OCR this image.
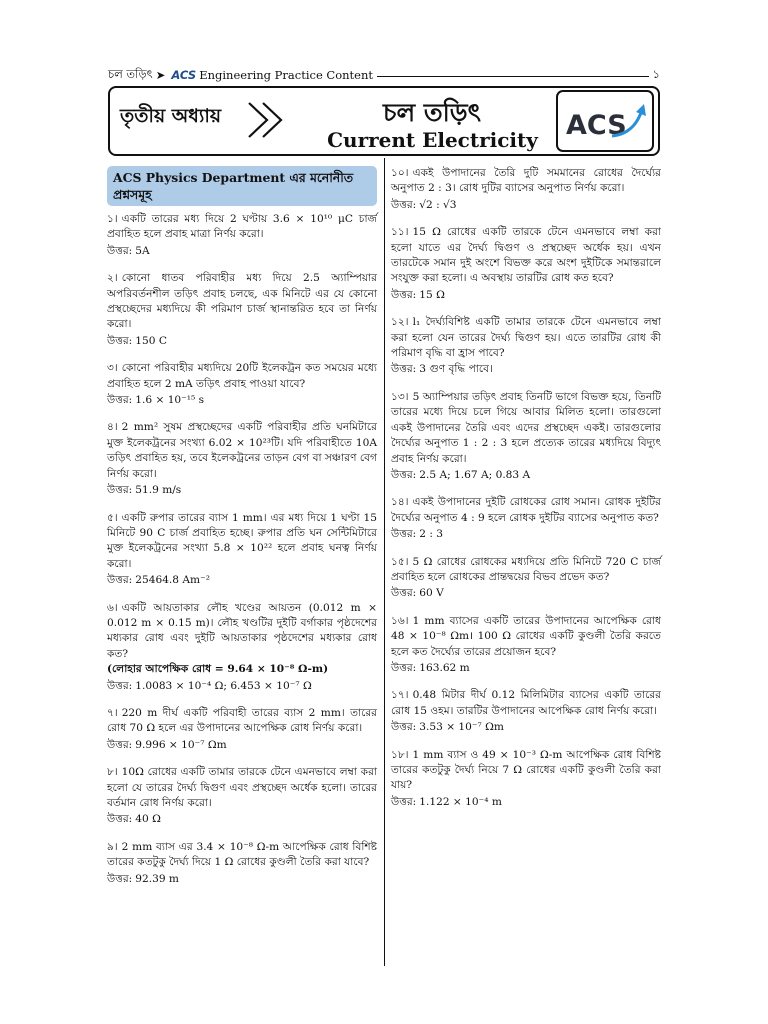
চল তড়িৎ ➤ ACS Engineering Practice Content	১
তৃতীয় অধ্যায়	চল তড়িৎ
Current Electricity	ACS
ACS Physics Department এর মনোনীত প্রশ্নসমূহ
১। একটি তারের মধ্য দিয়ে 2 ঘণ্টায় 3.6 × 10¹⁰ μC চার্জ প্রবাহিত হলে প্রবাহ মাত্রা নির্ণয় করো।
উত্তর: 5A
২। কোনো ধাতব পরিবাহীর মধ্য দিয়ে 2.5 অ্যাম্পিয়ার অপরিবর্তনশীল তড়িৎ প্রবাহ চলছে, এক মিনিটে এর যে কোনো প্রস্থচ্ছেদের মধ্যদিয়ে কী পরিমাণ চার্জ স্থানান্তরিত হবে তা নির্ণয় করো।
উত্তর: 150 C
৩। কোনো পরিবাহীর মধ্যদিয়ে 20টি ইলেকট্রন কত সময়ের মধ্যে প্রবাহিত হলে 2 mA তড়িৎ প্রবাহ পাওয়া যাবে?
উত্তর: 1.6 × 10⁻¹⁵ s
৪। 2 mm² সুষম প্রস্থচ্ছেদের একটি পরিবাহীর প্রতি ঘনমিটারে মুক্ত ইলেকট্রনের সংখ্যা 6.02 × 10²³টি। যদি পরিবাহীতে 10A তড়িৎ প্রবাহিত হয়, তবে ইলেকট্রনের তাড়ন বেগ বা সঞ্চারণ বেগ নির্ণয় করো।
উত্তর: 51.9 m/s
৫। একটি রুপার তারের ব্যাস 1 mm। এর মধ্য দিয়ে 1 ঘণ্টা 15 মিনিটে 90 C চার্জ প্রবাহিত হচ্ছে। রুপার প্রতি ঘন সেন্টিমিটারে মুক্ত ইলেকট্রনের সংখ্যা 5.8 × 10²² হলে প্রবাহ ঘনত্ব নির্ণয় করো।
উত্তর: 25464.8 Am⁻²
৬। একটি আয়তাকার লৌহ খণ্ডের আয়তন (0.012 m × 0.012 m × 0.15 m)। লৌহ খণ্ডটির দুইটি বর্গাকার পৃষ্ঠদেশের মধ্যকার রোধ এবং দুইটি আয়তাকার পৃষ্ঠদেশের মধ্যকার রোধ কত?
(লোহার আপেক্ষিক রোধ = 9.64 × 10⁻⁸ Ω-m)
উত্তর: 1.0083 × 10⁻⁴ Ω; 6.453 × 10⁻⁷ Ω
৭। 220 m দীর্ঘ একটি পরিবাহী তারের ব্যাস 2 mm। তারের রোধ 70 Ω হলে এর উপাদানের আপেক্ষিক রোধ নির্ণয় করো।
উত্তর: 9.996 × 10⁻⁷ Ωm
৮। 10Ω রোধের একটি তামার তারকে টেনে এমনভাবে লম্বা করা হলো যে তারের দৈর্ঘ্য দ্বিগুণ এবং প্রস্থচ্ছেদ অর্ধেক হলো। তারের বর্তমান রোধ নির্ণয় করো।
উত্তর: 40 Ω
৯। 2 mm ব্যাস এর 3.4 × 10⁻⁸ Ω-m আপেক্ষিক রোধ বিশিষ্ট তারের কতটুকু দৈর্ঘ্য দিয়ে 1 Ω রোধের কুণ্ডলী তৈরি করা যাবে?
উত্তর: 92.39 m
১০। একই উপাদানের তৈরি দুটি সমমানের রোধের দৈর্ঘ্যের অনুপাত 2 : 3। রোধ দুটির ব্যাসের অনুপাত নির্ণয় করো।
উত্তর: √2 : √3
১১। 15 Ω রোধের একটি তারকে টেনে এমনভাবে লম্বা করা হলো যাতে এর দৈর্ঘ্য দ্বিগুণ ও প্রস্থচ্ছেদ অর্ধেক হয়। এখন তারটেকে সমান দুই অংশে বিভক্ত করে অংশ দুইটিকে সমান্তরালে সংযুক্ত করা হলো। এ অবস্থায় তারটির রোধ কত হবে?
উত্তর: 15 Ω
১২। l₁ দৈর্ঘ্যবিশিষ্ট একটি তামার তারকে টেনে এমনভাবে লম্বা করা হলো যেন তারের দৈর্ঘ্য দ্বিগুণ হয়। এতে তারটির রোধ কী পরিমাণ বৃদ্ধি বা হ্রাস পাবে?
উত্তর: 3 গুণ বৃদ্ধি পাবে।
১৩। 5 অ্যাম্পিয়ার তড়িৎ প্রবাহ তিনটি ভাগে বিভক্ত হয়ে, তিনটি তারের মধ্যে দিয়ে চলে গিয়ে আবার মিলিত হলো। তারগুলো একই উপাদানের তৈরি এবং এদের প্রস্থচ্ছেদ একই। তারগুলোর দৈর্ঘ্যের অনুপাত 1 : 2 : 3 হলে প্রত্যেক তারের মধ্যদিয়ে বিদ্যুৎ প্রবাহ নির্ণয় করো।
উত্তর: 2.5 A; 1.67 A; 0.83 A
১৪। একই উপাদানের দুইটি রোধকের রোধ সমান। রোধক দুইটির দৈর্ঘ্যের অনুপাত 4 : 9 হলে রোধক দুইটির ব্যাসের অনুপাত কত?
উত্তর: 2 : 3
১৫। 5 Ω রোধের রোধকের মধ্যদিয়ে প্রতি মিনিটে 720 C চার্জ প্রবাহিত হলে রোধকের প্রান্তদ্বয়ের বিভব প্রভেদ কত?
উত্তর: 60 V
১৬। 1 mm ব্যাসের একটি তারের উপাদানের আপেক্ষিক রোধ 48 × 10⁻⁸ Ωm। 100 Ω রোধের একটি কুণ্ডলী তৈরি করতে হলে কত দৈর্ঘ্যের তারের প্রয়োজন হবে?
উত্তর: 163.62 m
১৭। 0.48 মিটার দীর্ঘ 0.12 মিলিমিটার ব্যাসের একটি তারের রোধ 15 ওহম। তারটির উপাদানের আপেক্ষিক রোধ নির্ণয় করো।
উত্তর: 3.53 × 10⁻⁷ Ωm
১৮। 1 mm ব্যাস ও 49 × 10⁻³ Ω-m আপেক্ষিক রোধ বিশিষ্ট তারের কতটুকু দৈর্ঘ্য নিয়ে 7 Ω রোধের একটি কুণ্ডলী তৈরি করা যায়?
উত্তর: 1.122 × 10⁻⁴ m
